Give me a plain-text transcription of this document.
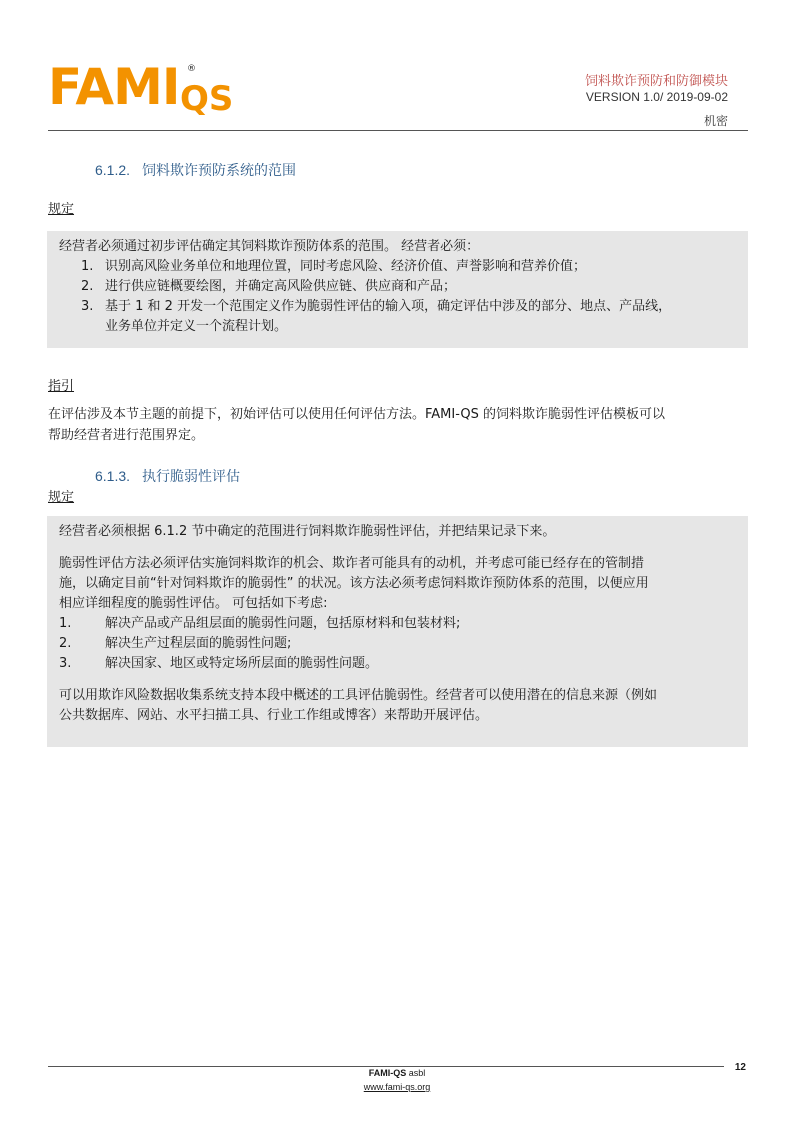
FAMI ®
QS	饲料欺诈预防和防御模块
VERSION 1.0/ 2019-09-02
机密
6.1.2. 饲料欺诈预防系统的范围
规定

经营者必须通过初步评估确定其饲料欺诈预防体系的范围。 经营者必须：

1. 识别高风险业务单位和地理位置，同时考虑风险、经济价值、声誉影响和营养价值；
2. 进行供应链概要绘图，并确定高风险供应链、供应商和产品；
3. 基于 1 和 2 开发一个范围定义作为脆弱性评估的输入项，确定评估中涉及的部分、地点、产品线，
业务单位并定义一个流程计划。
指引
在评估涉及本节主题的前提下，初始评估可以使用任何评估方法。FAMI-QS 的饲料欺诈脆弱性评估模板可以
帮助经营者进行范围界定。
6.1.3. 执行脆弱性评估
规定

经营者必须根据 6.1.2 节中确定的范围进行饲料欺诈脆弱性评估，并把结果记录下来。

脆弱性评估方法必须评估实施饲料欺诈的机会、欺诈者可能具有的动机，并考虑可能已经存在的管制措
施，以确定目前“针对饲料欺诈的脆弱性” 的状况。该方法必须考虑饲料欺诈预防体系的范围，以便应用
相应详细程度的脆弱性评估。 可包括如下考虑:

1.	解决产品或产品组层面的脆弱性问题，包括原材料和包装材料;
2.	解决生产过程层面的脆弱性问题;
3.	解决国家、地区或特定场所层面的脆弱性问题。

可以用欺诈风险数据收集系统支持本段中概述的工具评估脆弱性。经营者可以使用潜在的信息来源（例如
公共数据库、网站、水平扫描工具、行业工作组或博客）来帮助开展评估。

12
FAMI-QS asbl
www.fami-qs.org
